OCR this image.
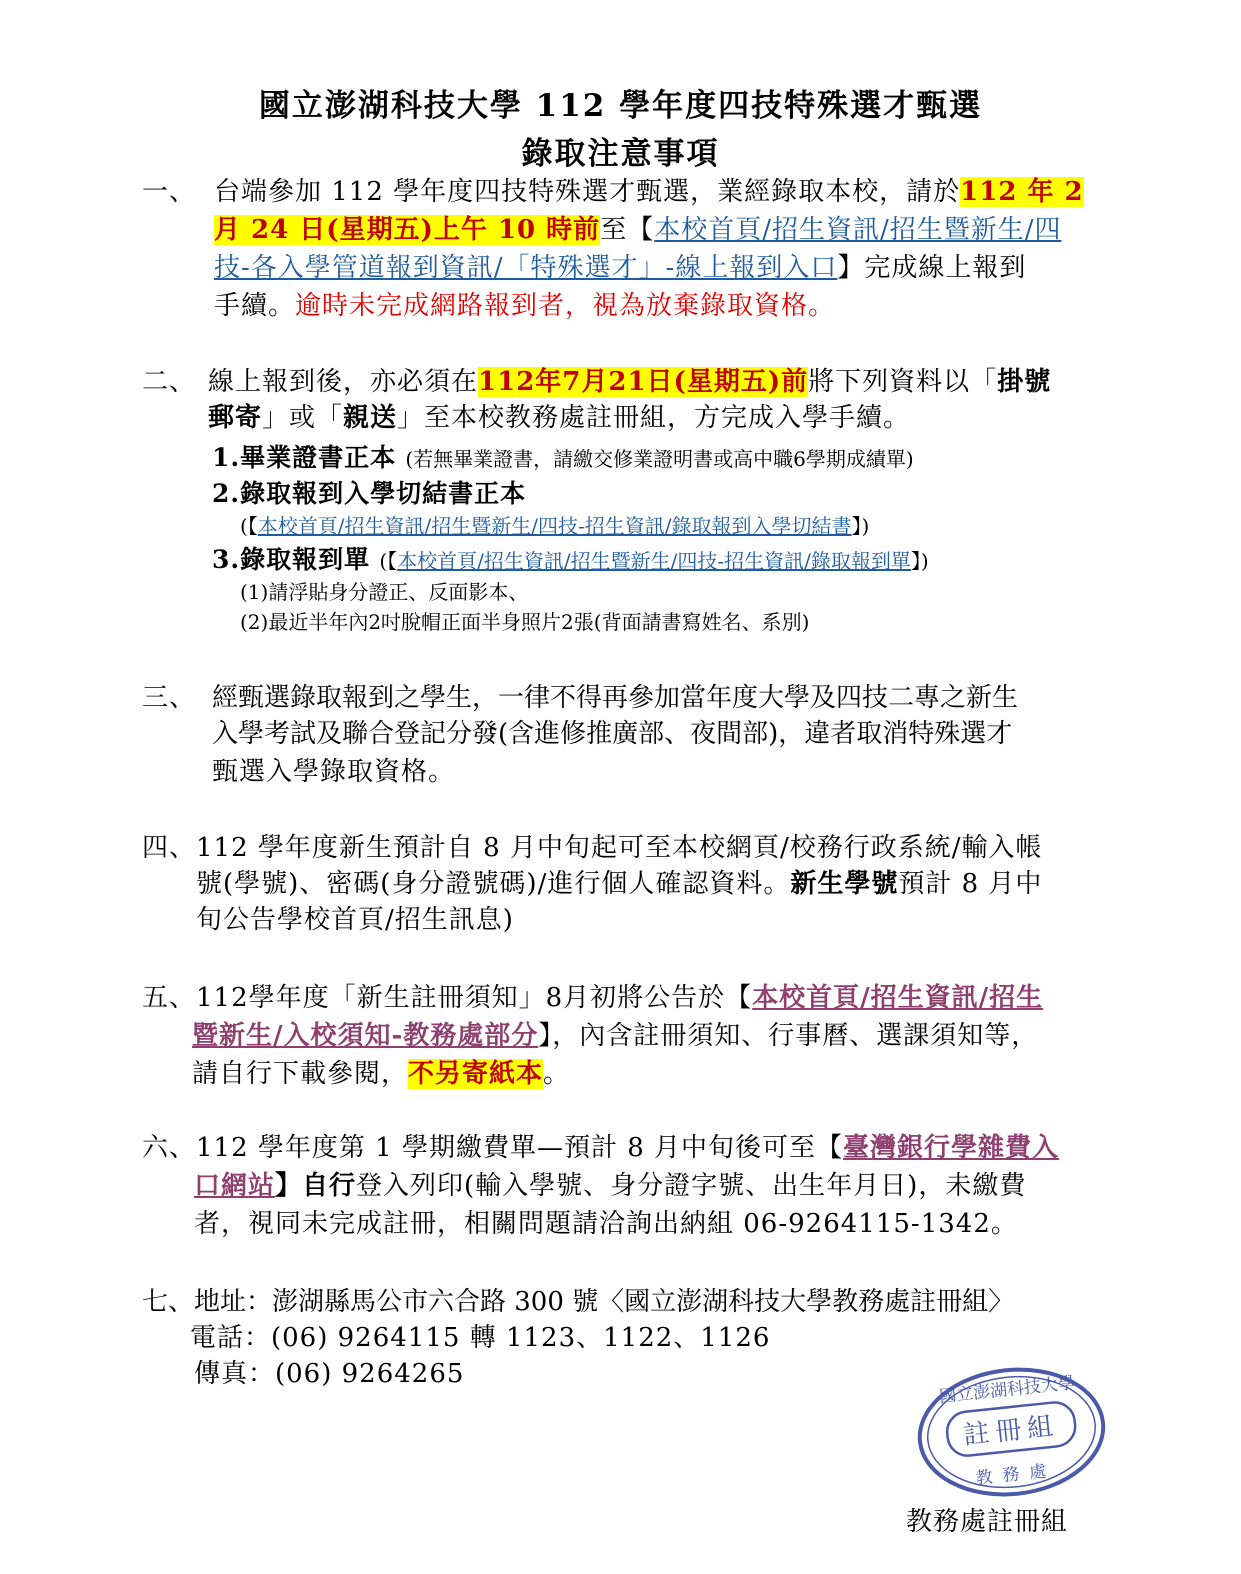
國立澎湖科技大學 112 學年度四技特殊選才甄選
錄取注意事項
一、 台端參加 112 學年度四技特殊選才甄選，業經錄取本校，請於112 年 2
月 24 日(星期五)上午 10 時前至【本校首頁/招生資訊/招生暨新生/四
技-各入學管道報到資訊/「特殊選才」-線上報到入口】完成線上報到
手續。逾時未完成網路報到者，視為放棄錄取資格。
二、 線上報到後，亦必須在112年7月21日(星期五)前將下列資料以「掛號
郵寄」或「親送」至本校教務處註冊組，方完成入學手續。
1.畢業證書正本 (若無畢業證書，請繳交修業證明書或高中職6學期成績單)
2.錄取報到入學切結書正本
(【本校首頁/招生資訊/招生暨新生/四技-招生資訊/錄取報到入學切結書】)
3.錄取報到單 (【本校首頁/招生資訊/招生暨新生/四技-招生資訊/錄取報到單】)
(1)請浮貼身分證正、反面影本、
(2)最近半年內2吋脫帽正面半身照片2張(背面請書寫姓名、系別)
三、 經甄選錄取報到之學生，一律不得再參加當年度大學及四技二專之新生
入學考試及聯合登記分發(含進修推廣部、夜間部)，違者取消特殊選才
甄選入學錄取資格。
四、112 學年度新生預計自 8 月中旬起可至本校網頁/校務行政系統/輸入帳
號(學號)、密碼(身分證號碼)/進行個人確認資料。新生學號預計 8 月中
旬公告學校首頁/招生訊息)
五、112學年度「新生註冊須知」8月初將公告於【本校首頁/招生資訊/招生
暨新生/入校須知-教務處部分】，內含註冊須知、行事曆、選課須知等，
請自行下載參閱，不另寄紙本。
六、112 學年度第 1 學期繳費單—預計 8 月中旬後可至【臺灣銀行學雜費入
口網站】自行登入列印(輸入學號、身分證字號、出生年月日)，未繳費
者，視同未完成註冊，相關問題請洽詢出納組 06-9264115-1342。
七、地址：澎湖縣馬公市六合路 300 號〈國立澎湖科技大學教務處註冊組〉
電話：(06) 9264115 轉 1123、1122、1126
傳真：(06) 9264265	國立澎湖科技大學
註冊組
教務處
教務處註冊組
